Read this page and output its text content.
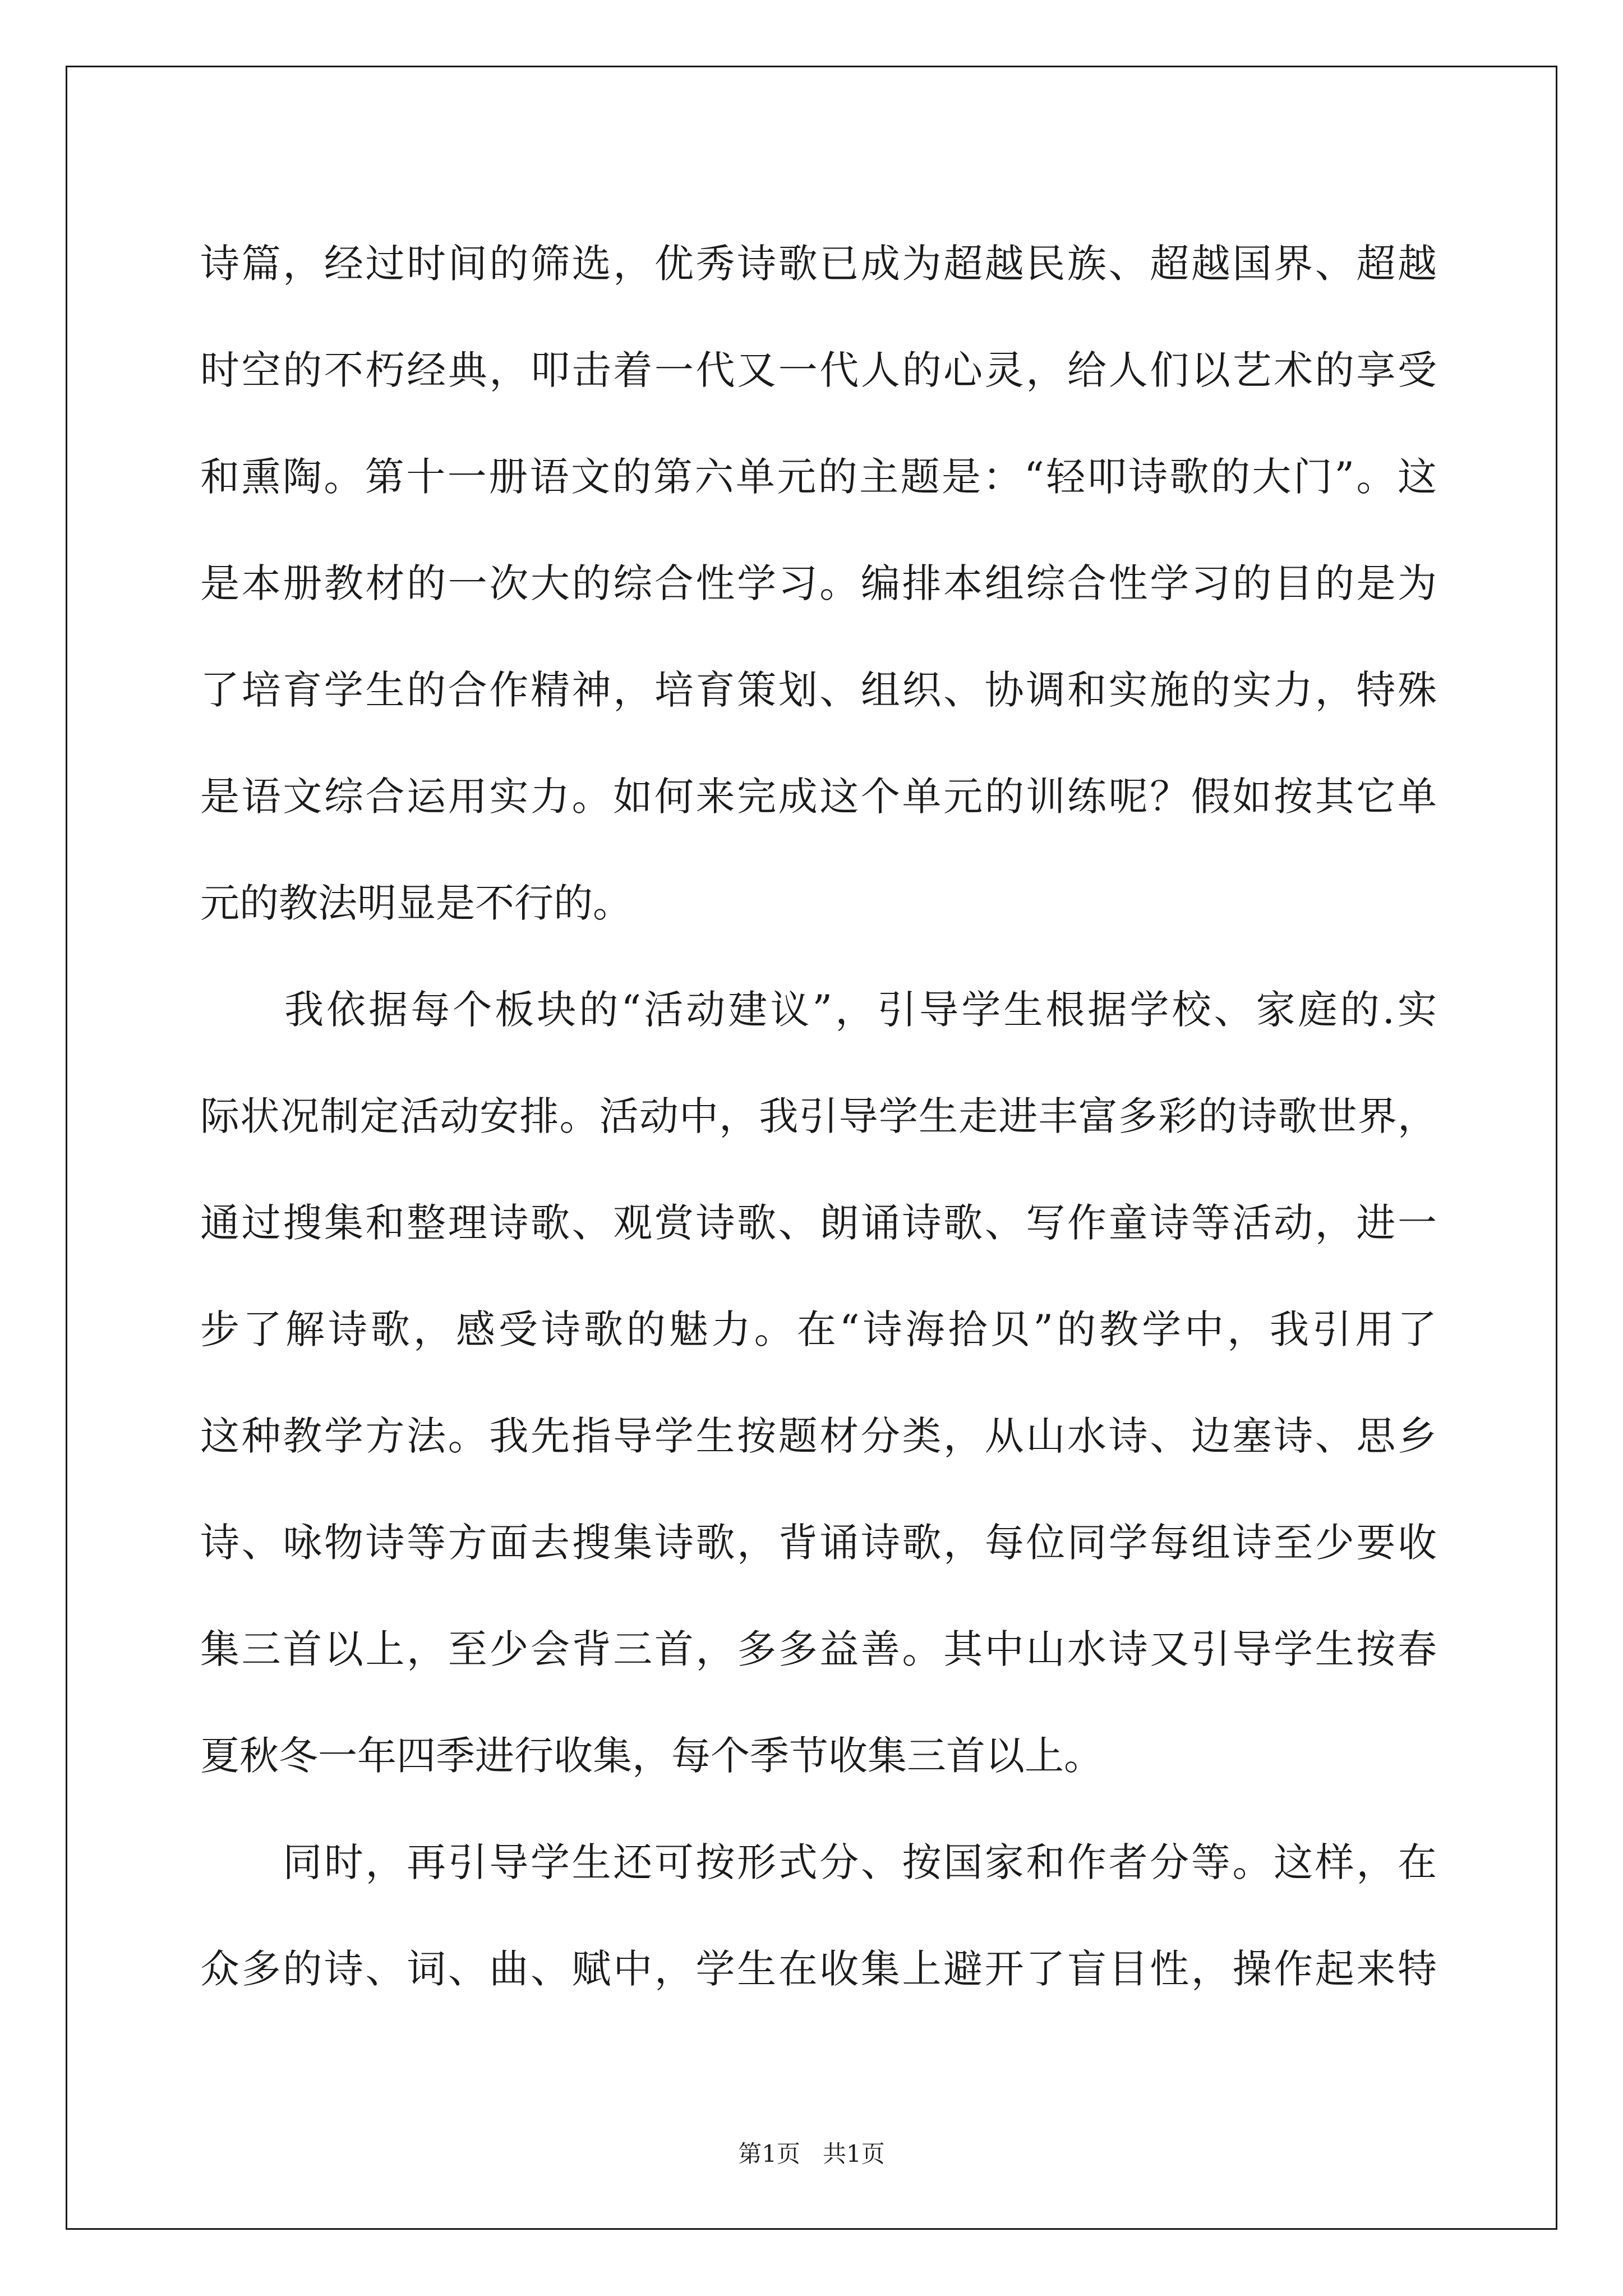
诗篇，经过时间的筛选，优秀诗歌已成为超越民族、超越国界、超越
时空的不朽经典，叩击着一代又一代人的心灵，给人们以艺术的享受
和熏陶。第十一册语文的第六单元的主题是：“轻叩诗歌的大门”。这
是本册教材的一次大的综合性学习。编排本组综合性学习的目的是为
了培育学生的合作精神，培育策划、组织、协调和实施的实力，特殊
是语文综合运用实力。如何来完成这个单元的训练呢？假如按其它单
元的教法明显是不行的。
　　我依据每个板块的“活动建议”，引导学生根据学校、家庭的.实
际状况制定活动安排。活动中，我引导学生走进丰富多彩的诗歌世界，
通过搜集和整理诗歌、观赏诗歌、朗诵诗歌、写作童诗等活动，进一
步了解诗歌，感受诗歌的魅力。在“诗海拾贝”的教学中，我引用了
这种教学方法。我先指导学生按题材分类，从山水诗、边塞诗、思乡
诗、咏物诗等方面去搜集诗歌，背诵诗歌，每位同学每组诗至少要收
集三首以上，至少会背三首，多多益善。其中山水诗又引导学生按春
夏秋冬一年四季进行收集，每个季节收集三首以上。
　　同时，再引导学生还可按形式分、按国家和作者分等。这样，在
众多的诗、词、曲、赋中，学生在收集上避开了盲目性，操作起来特
第1页 共1页
